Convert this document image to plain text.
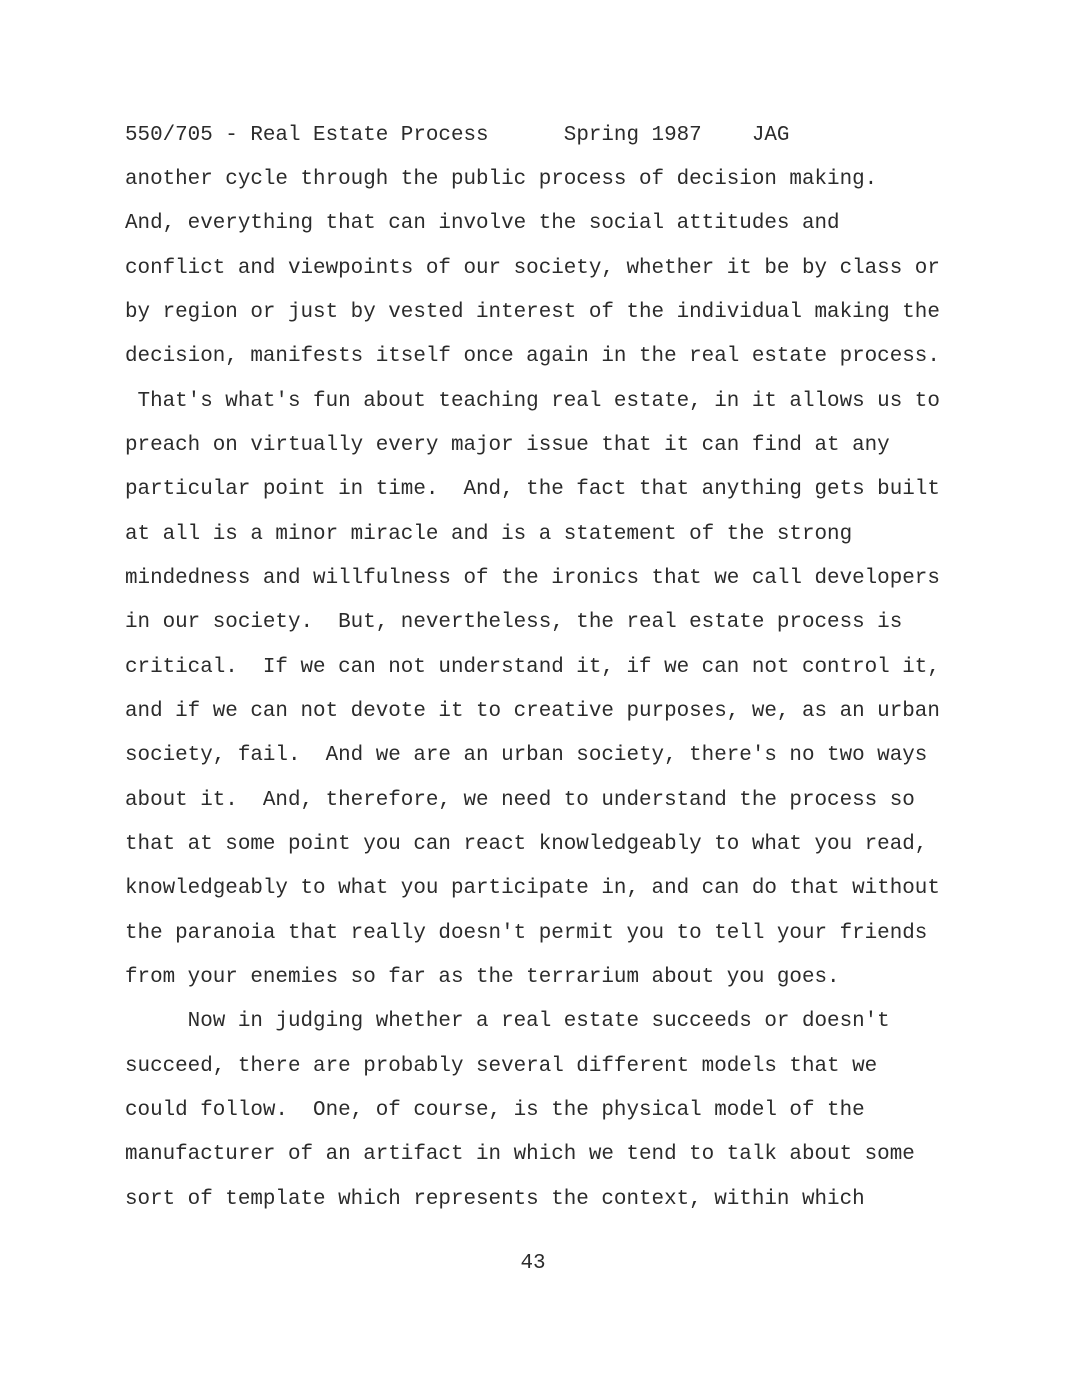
550/705 - Real Estate Process	Spring 1987 JAG
another cycle through the public process of decision making.
And, everything that can involve the social attitudes and
conflict and viewpoints of our society, whether it be by class or
by region or just by vested interest of the individual making the
decision, manifests itself once again in the real estate process.
That's what's fun about teaching real estate, in it allows us to
preach on virtually every major issue that it can find at any
particular point in time.  And, the fact that anything gets built
at all is a minor miracle and is a statement of the strong
mindedness and willfulness of the ironics that we call developers
in our society.  But, nevertheless, the real estate process is
critical.  If we can not understand it, if we can not control it,
and if we can not devote it to creative purposes, we, as an urban
society, fail.  And we are an urban society, there's no two ways
about it.  And, therefore, we need to understand the process so
that at some point you can react knowledgeably to what you read,
knowledgeably to what you participate in, and can do that without
the paranoia that really doesn't permit you to tell your friends
from your enemies so far as the terrarium about you goes.
Now in judging whether a real estate succeeds or doesn't
succeed, there are probably several different models that we
could follow.  One, of course, is the physical model of the
manufacturer of an artifact in which we tend to talk about some
sort of template which represents the context, within which
43
